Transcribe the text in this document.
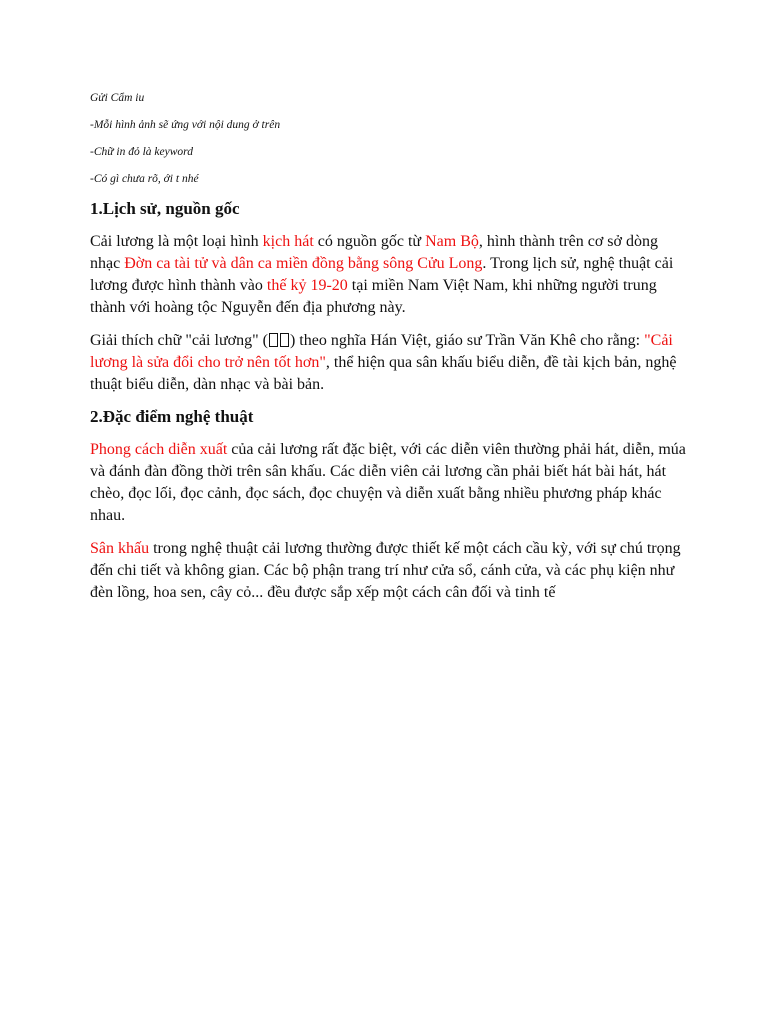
Gửi Cẩm iu

-Mỗi hình ảnh sẽ ứng với nội dung ở trên

-Chữ in đỏ là keyword

-Có gì chưa rõ, ới t nhé

1.Lịch sử, nguồn gốc

Cải lương là một loại hình kịch hát có nguồn gốc từ Nam Bộ, hình thành trên cơ sở dòng nhạc Đờn ca tài tử và dân ca miền đồng bằng sông Cửu Long. Trong lịch sử, nghệ thuật cải lương được hình thành vào thế kỷ 19-20 tại miền Nam Việt Nam, khi những người trung thành với hoàng tộc Nguyễn đến địa phương này.

Giải thích chữ "cải lương" ( ) theo nghĩa Hán Việt, giáo sư Trần Văn Khê cho rằng: "Cải lương là sửa đổi cho trở nên tốt hơn", thể hiện qua sân khấu biểu diễn, đề tài kịch bản, nghệ thuật biểu diễn, dàn nhạc và bài bản.

2.Đặc điểm nghệ thuật

Phong cách diễn xuất của cải lương rất đặc biệt, với các diễn viên thường phải hát, diễn, múa và đánh đàn đồng thời trên sân khấu. Các diễn viên cải lương cần phải biết hát bài hát, hát chèo, đọc lối, đọc cảnh, đọc sách, đọc chuyện và diễn xuất bằng nhiều phương pháp khác nhau.

Sân khấu trong nghệ thuật cải lương thường được thiết kế một cách cầu kỳ, với sự chú trọng đến chi tiết và không gian. Các bộ phận trang trí như cửa sổ, cánh cửa, và các phụ kiện như đèn lồng, hoa sen, cây cỏ... đều được sắp xếp một cách cân đối và tinh tế
